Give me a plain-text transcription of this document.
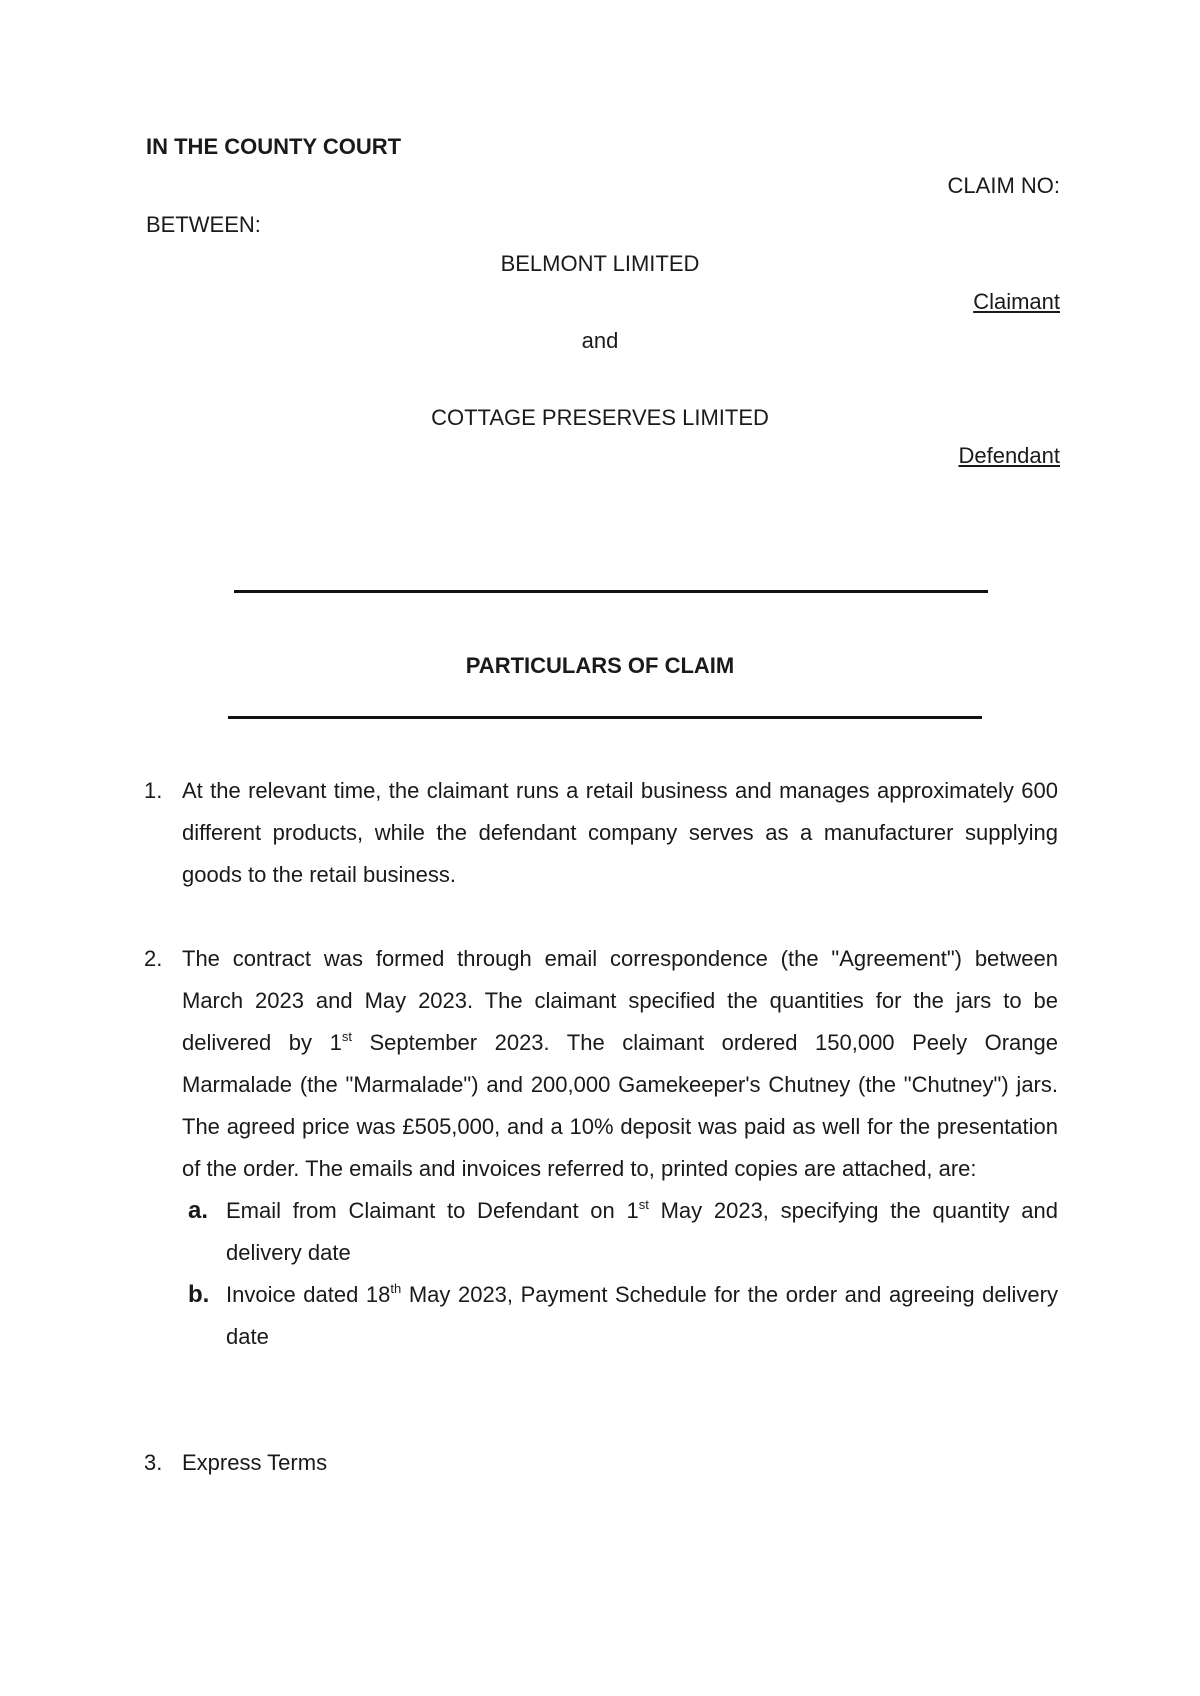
IN THE COUNTY COURT
CLAIM NO:
BETWEEN:
BELMONT LIMITED
Claimant
and
COTTAGE PRESERVES LIMITED
Defendant
PARTICULARS OF CLAIM
1. At the relevant time, the claimant runs a retail business and manages approximately 600 different products, while the defendant company serves as a manufacturer supplying goods to the retail business.
2. The contract was formed through email correspondence (the "Agreement") between March 2023 and May 2023. The claimant specified the quantities for the jars to be delivered by 1st September 2023. The claimant ordered 150,000 Peely Orange Marmalade (the "Marmalade") and 200,000 Gamekeeper's Chutney (the "Chutney") jars. The agreed price was £505,000, and a 10% deposit was paid as well for the presentation of the order. The emails and invoices referred to, printed copies are attached, are:
a. Email from Claimant to Defendant on 1st May 2023, specifying the quantity and delivery date
b. Invoice dated 18th May 2023, Payment Schedule for the order and agreeing delivery date
3. Express Terms
